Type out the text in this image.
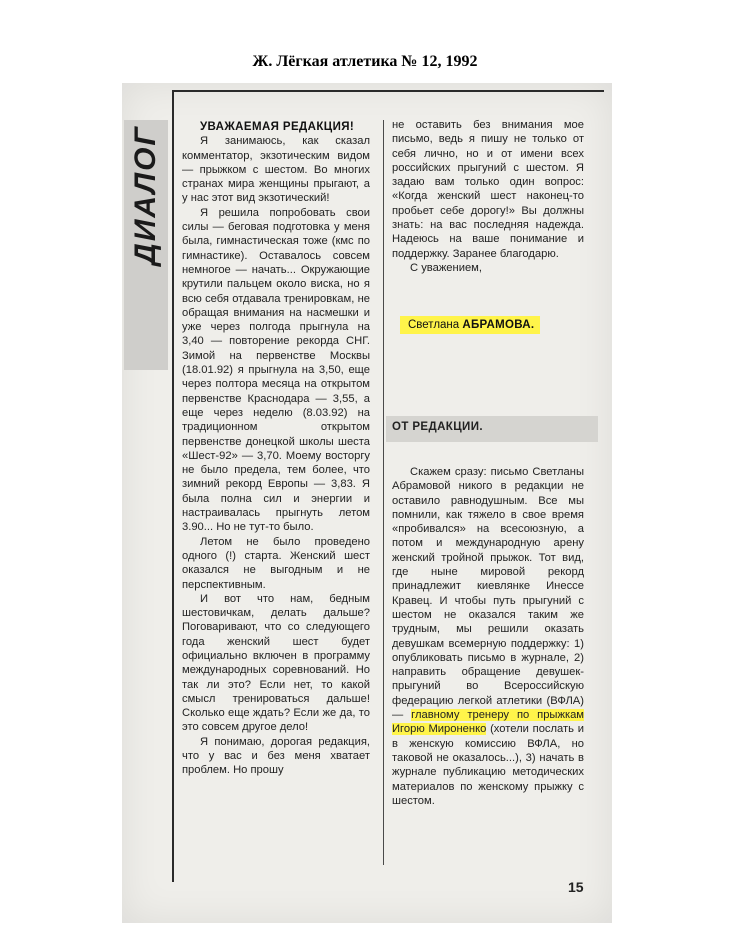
Ж. Лёгкая атлетика № 12, 1992
ДИАЛОГ	УВАЖАЕМАЯ РЕДАКЦИЯ!

Я занимаюсь, как сказал комментатор, экзотическим видом — прыжком с шестом. Во многих странах мира женщины прыгают, а у нас этот вид экзотический!

Я решила попробовать свои силы — беговая подготовка у меня была, гимнастическая тоже (кмс по гимнастике). Оставалось совсем немногое — начать... Окружающие крутили пальцем около виска, но я всю себя отдавала тренировкам, не обращая внимания на насмешки и уже через полгода прыгнула на 3,40 — повторение рекорда СНГ. Зимой на первенстве Москвы (18.01.92) я прыгнула на 3,50, еще через полтора месяца на открытом первенстве Краснодара — 3,55, а еще через неделю (8.03.92) на традиционном открытом первенстве донецкой школы шеста «Шест-92» — 3,70. Моему восторгу не было предела, тем более, что зимний рекорд Европы — 3,83. Я была полна сил и энергии и настраивалась прыгнуть летом 3.90... Но не тут-то было.

Летом не было проведено одного (!) старта. Женский шест оказался не выгодным и не перспективным.

И вот что нам, бедным шестовичкам, делать дальше? Поговаривают, что со следующего года женский шест будет официально включен в программу международных соревнований. Но так ли это? Если нет, то какой смысл тренироваться дальше! Сколько еще ждать? Если же да, то это совсем другое дело!

Я понимаю, дорогая редакция, что у вас и без меня хватает проблем. Но прошу

не оставить без внимания мое письмо, ведь я пишу не только от себя лично, но и от имени всех российских прыгуний с шестом. Я задаю вам только один вопрос: «Когда женский шест наконец-то пробьет себе дорогу!» Вы должны знать: на вас последняя надежда. Надеюсь на ваше понимание и поддержку. Заранее благодарю.

С уважением,

Светлана АБРАМОВА.
ОТ РЕДАКЦИИ.

Скажем сразу: письмо Светланы Абрамовой никого в редакции не оставило равнодушным. Все мы помнили, как тяжело в свое время «пробивался» на всесоюзную, а потом и международную арену женский тройной прыжок. Тот вид, где ныне мировой рекорд принадлежит киевлянке Инессе Кравец. И чтобы путь прыгуний с шестом не оказался таким же трудным, мы решили оказать девушкам всемерную поддержку: 1) опубликовать письмо в журнале, 2) направить обращение девушек-прыгуний во Всероссийскую федерацию легкой атлетики (ВФЛА) — главному тренеру по прыжкам Игорю Мироненко (хотели послать и в женскую комиссию ВФЛА, но таковой не оказалось...), 3) начать в журнале публикацию методических материалов по женскому прыжку с шестом.

15
